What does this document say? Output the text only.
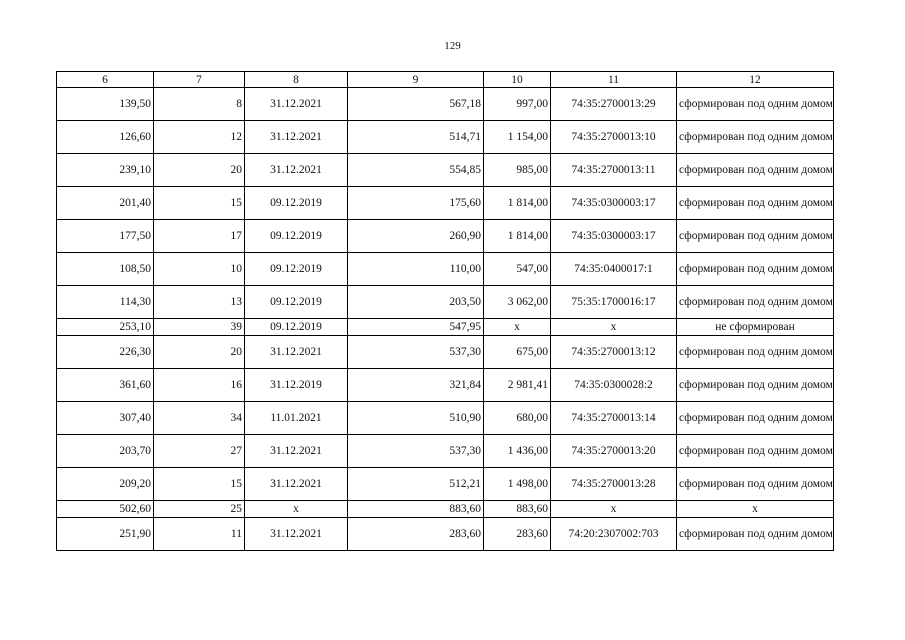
129
6	7	8	9	10	11	12
139,50	8	31.12.2021	567,18	997,00	74:35:2700013:29	сформирован под одним домом
126,60	12	31.12.2021	514,71	1 154,00	74:35:2700013:10	сформирован под одним домом
239,10	20	31.12.2021	554,85	985,00	74:35:2700013:11	сформирован под одним домом
201,40	15	09.12.2019	175,60	1 814,00	74:35:0300003:17	сформирован под одним домом
177,50	17	09.12.2019	260,90	1 814,00	74:35:0300003:17	сформирован под одним домом
108,50	10	09.12.2019	110,00	547,00	74:35:0400017:1	сформирован под одним домом
114,30	13	09.12.2019	203,50	3 062,00	75:35:1700016:17	сформирован под одним домом
253,10	39	09.12.2019	547,95	x	x	не сформирован
226,30	20	31.12.2021	537,30	675,00	74:35:2700013:12	сформирован под одним домом
361,60	16	31.12.2019	321,84	2 981,41	74:35:0300028:2	сформирован под одним домом
307,40	34	11.01.2021	510,90	680,00	74:35:2700013:14	сформирован под одним домом
203,70	27	31.12.2021	537,30	1 436,00	74:35:2700013:20	сформирован под одним домом
209,20	15	31.12.2021	512,21	1 498,00	74:35:2700013:28	сформирован под одним домом
502,60	25	x	883,60	883,60	x	x
251,90	11	31.12.2021	283,60	283,60	74:20:2307002:703	сформирован под одним домом
